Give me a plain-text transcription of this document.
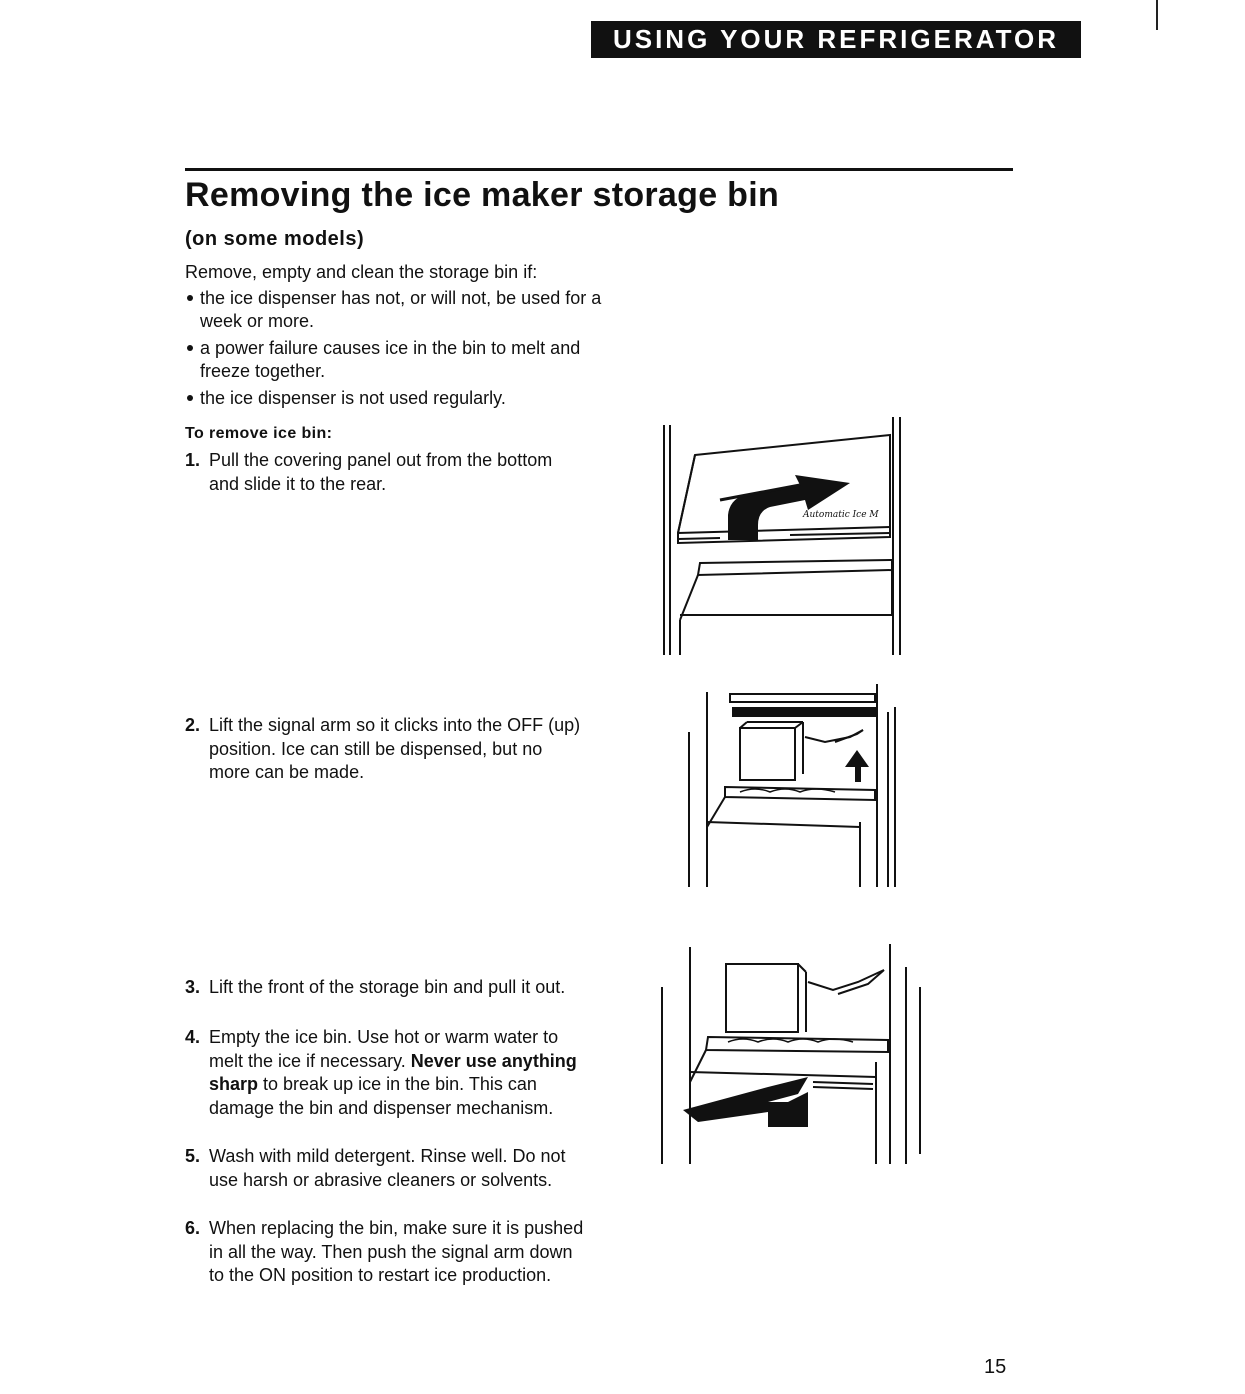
USING YOUR REFRIGERATOR
Removing the ice maker storage bin
(on some models)

Remove, empty and clean the storage bin if:

the ice dispenser has not, or will not, be used for a week or more.
a power failure causes ice in the bin to melt and freeze together.
the ice dispenser is not used regularly.
To remove ice bin:
1. Pull the covering panel out from the bottom and slide it to the rear.
2. Lift the signal arm so it clicks into the OFF (up) position. Ice can still be dispensed, but no more can be made.
3. Lift the front of the storage bin and pull it out.
4. Empty the ice bin. Use hot or warm water to melt the ice if necessary. Never use anything sharp to break up ice in the bin. This can damage the bin and dispenser mechanism.
5. Wash with mild detergent. Rinse well. Do not use harsh or abrasive cleaners or solvents.
6. When replacing the bin, make sure it is pushed in all the way. Then push the signal arm down to the ON position to restart ice production.
Automatic Ice M
15
